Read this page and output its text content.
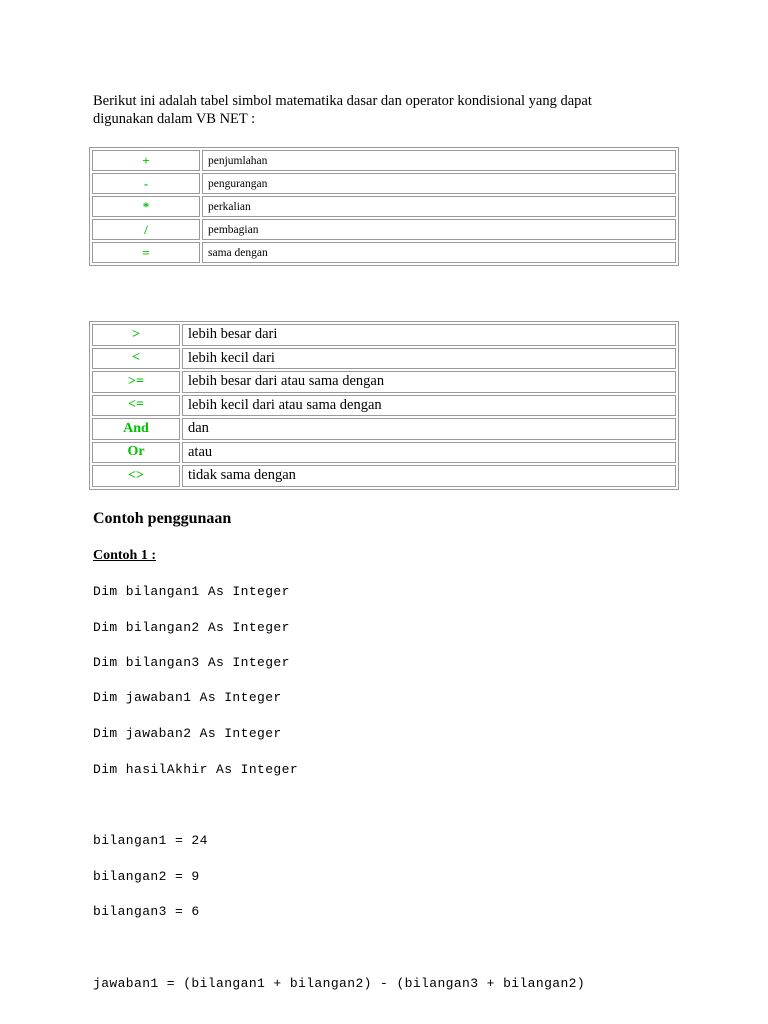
Berikut ini adalah tabel simbol matematika dasar dan operator kondisional yang dapat digunakan dalam VB NET :

+	penjumlahan
-	pengurangan
*	perkalian
/	pembagian
=	sama dengan
>	lebih besar dari
<	lebih kecil dari
>=	lebih besar dari atau sama dengan
<=	lebih kecil dari atau sama dengan
And	dan
Or	atau
<>	tidak sama dengan
Contoh penggunaan
Contoh 1 :
Dim bilangan1 As Integer
Dim bilangan2 As Integer
Dim bilangan3 As Integer
Dim jawaban1 As Integer
Dim jawaban2 As Integer
Dim hasilAkhir As Integer
bilangan1 = 24
bilangan2 = 9
bilangan3 = 6
jawaban1 = (bilangan1 + bilangan2) - (bilangan3 + bilangan2)
